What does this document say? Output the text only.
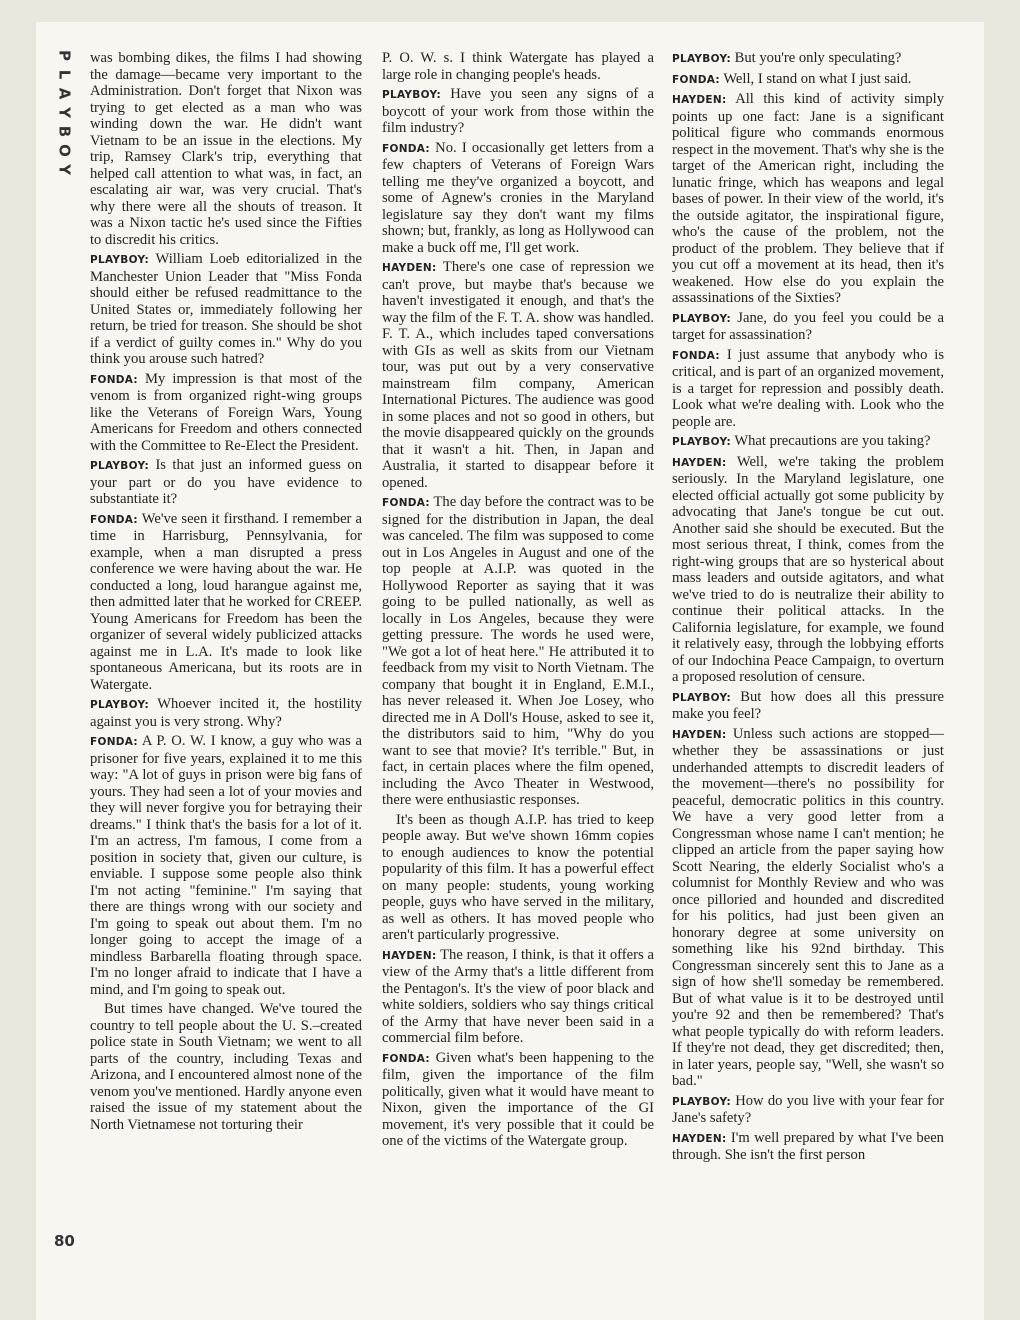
P
L
A
Y
B
O
Y
80

was bombing dikes, the films I had showing the damage—became very important to the Administration. Don't forget that Nixon was trying to get elected as a man who was winding down the war. He didn't want Vietnam to be an issue in the elections. My trip, Ramsey Clark's trip, everything that helped call attention to what was, in fact, an escalating air war, was very crucial. That's why there were all the shouts of treason. It was a Nixon tactic he's used since the Fifties to discredit his critics.

PLAYBOY: William Loeb editorialized in the Manchester Union Leader that "Miss Fonda should either be refused readmittance to the United States or, immediately following her return, be tried for treason. She should be shot if a verdict of guilty comes in." Why do you think you arouse such hatred?

FONDA: My impression is that most of the venom is from organized right-wing groups like the Veterans of Foreign Wars, Young Americans for Freedom and others connected with the Committee to Re-Elect the President.

PLAYBOY: Is that just an informed guess on your part or do you have evidence to substantiate it?

FONDA: We've seen it firsthand. I remember a time in Harrisburg, Pennsylvania, for example, when a man disrupted a press conference we were having about the war. He conducted a long, loud harangue against me, then admitted later that he worked for CREEP. Young Americans for Freedom has been the organizer of several widely publicized attacks against me in L.A. It's made to look like spontaneous Americana, but its roots are in Watergate.

PLAYBOY: Whoever incited it, the hostility against you is very strong. Why?

FONDA: A P. O. W. I know, a guy who was a prisoner for five years, explained it to me this way: "A lot of guys in prison were big fans of yours. They had seen a lot of your movies and they will never forgive you for betraying their dreams." I think that's the basis for a lot of it. I'm an actress, I'm famous, I come from a position in society that, given our culture, is enviable. I suppose some people also think I'm not acting "feminine." I'm saying that there are things wrong with our society and I'm going to speak out about them. I'm no longer going to accept the image of a mindless Barbarella floating through space. I'm no longer afraid to indicate that I have a mind, and I'm going to speak out.

But times have changed. We've toured the country to tell people about the U. S.–created police state in South Vietnam; we went to all parts of the country, including Texas and Arizona, and I encountered almost none of the venom you've mentioned. Hardly anyone even raised the issue of my statement about the North Vietnamese not torturing their

P. O. W. s. I think Watergate has played a large role in changing people's heads.

PLAYBOY: Have you seen any signs of a boycott of your work from those within the film industry?

FONDA: No. I occasionally get letters from a few chapters of Veterans of Foreign Wars telling me they've organized a boycott, and some of Agnew's cronies in the Maryland legislature say they don't want my films shown; but, frankly, as long as Hollywood can make a buck off me, I'll get work.

HAYDEN: There's one case of repression we can't prove, but maybe that's because we haven't investigated it enough, and that's the way the film of the F. T. A. show was handled. F. T. A., which includes taped conversations with GIs as well as skits from our Vietnam tour, was put out by a very conservative mainstream film company, American International Pictures. The audience was good in some places and not so good in others, but the movie disappeared quickly on the grounds that it wasn't a hit. Then, in Japan and Australia, it started to disappear before it opened.

FONDA: The day before the contract was to be signed for the distribution in Japan, the deal was canceled. The film was supposed to come out in Los Angeles in August and one of the top people at A.I.P. was quoted in the Hollywood Reporter as saying that it was going to be pulled nationally, as well as locally in Los Angeles, because they were getting pressure. The words he used were, "We got a lot of heat here." He attributed it to feedback from my visit to North Vietnam. The company that bought it in England, E.M.I., has never released it. When Joe Losey, who directed me in A Doll's House, asked to see it, the distributors said to him, "Why do you want to see that movie? It's terrible." But, in fact, in certain places where the film opened, including the Avco Theater in Westwood, there were enthusiastic responses.

It's been as though A.I.P. has tried to keep people away. But we've shown 16mm copies to enough audiences to know the potential popularity of this film. It has a powerful effect on many people: students, young working people, guys who have served in the military, as well as others. It has moved people who aren't particularly progressive.

HAYDEN: The reason, I think, is that it offers a view of the Army that's a little different from the Pentagon's. It's the view of poor black and white soldiers, soldiers who say things critical of the Army that have never been said in a commercial film before.

FONDA: Given what's been happening to the film, given the importance of the film politically, given what it would have meant to Nixon, given the importance of the GI movement, it's very possible that it could be one of the victims of the Watergate group.

PLAYBOY: But you're only speculating?

FONDA: Well, I stand on what I just said.

HAYDEN: All this kind of activity simply points up one fact: Jane is a significant political figure who commands enormous respect in the movement. That's why she is the target of the American right, including the lunatic fringe, which has weapons and legal bases of power. In their view of the world, it's the outside agitator, the inspirational figure, who's the cause of the problem, not the product of the problem. They believe that if you cut off a movement at its head, then it's weakened. How else do you explain the assassinations of the Sixties?

PLAYBOY: Jane, do you feel you could be a target for assassination?

FONDA: I just assume that anybody who is critical, and is part of an organized movement, is a target for repression and possibly death. Look what we're dealing with. Look who the people are.

PLAYBOY: What precautions are you taking?

HAYDEN: Well, we're taking the problem seriously. In the Maryland legislature, one elected official actually got some publicity by advocating that Jane's tongue be cut out. Another said she should be executed. But the most serious threat, I think, comes from the right-wing groups that are so hysterical about mass leaders and outside agitators, and what we've tried to do is neutralize their ability to continue their political attacks. In the California legislature, for example, we found it relatively easy, through the lobbying efforts of our Indochina Peace Campaign, to overturn a proposed resolution of censure.

PLAYBOY: But how does all this pressure make you feel?

HAYDEN: Unless such actions are stopped—whether they be assassinations or just underhanded attempts to discredit leaders of the movement—there's no possibility for peaceful, democratic politics in this country. We have a very good letter from a Congressman whose name I can't mention; he clipped an article from the paper saying how Scott Nearing, the elderly Socialist who's a columnist for Monthly Review and who was once pilloried and hounded and discredited for his politics, had just been given an honorary degree at some university on something like his 92nd birthday. This Congressman sincerely sent this to Jane as a sign of how she'll someday be remembered. But of what value is it to be destroyed until you're 92 and then be remembered? That's what people typically do with reform leaders. If they're not dead, they get discredited; then, in later years, people say, "Well, she wasn't so bad."

PLAYBOY: How do you live with your fear for Jane's safety?

HAYDEN: I'm well prepared by what I've been through. She isn't the first person
